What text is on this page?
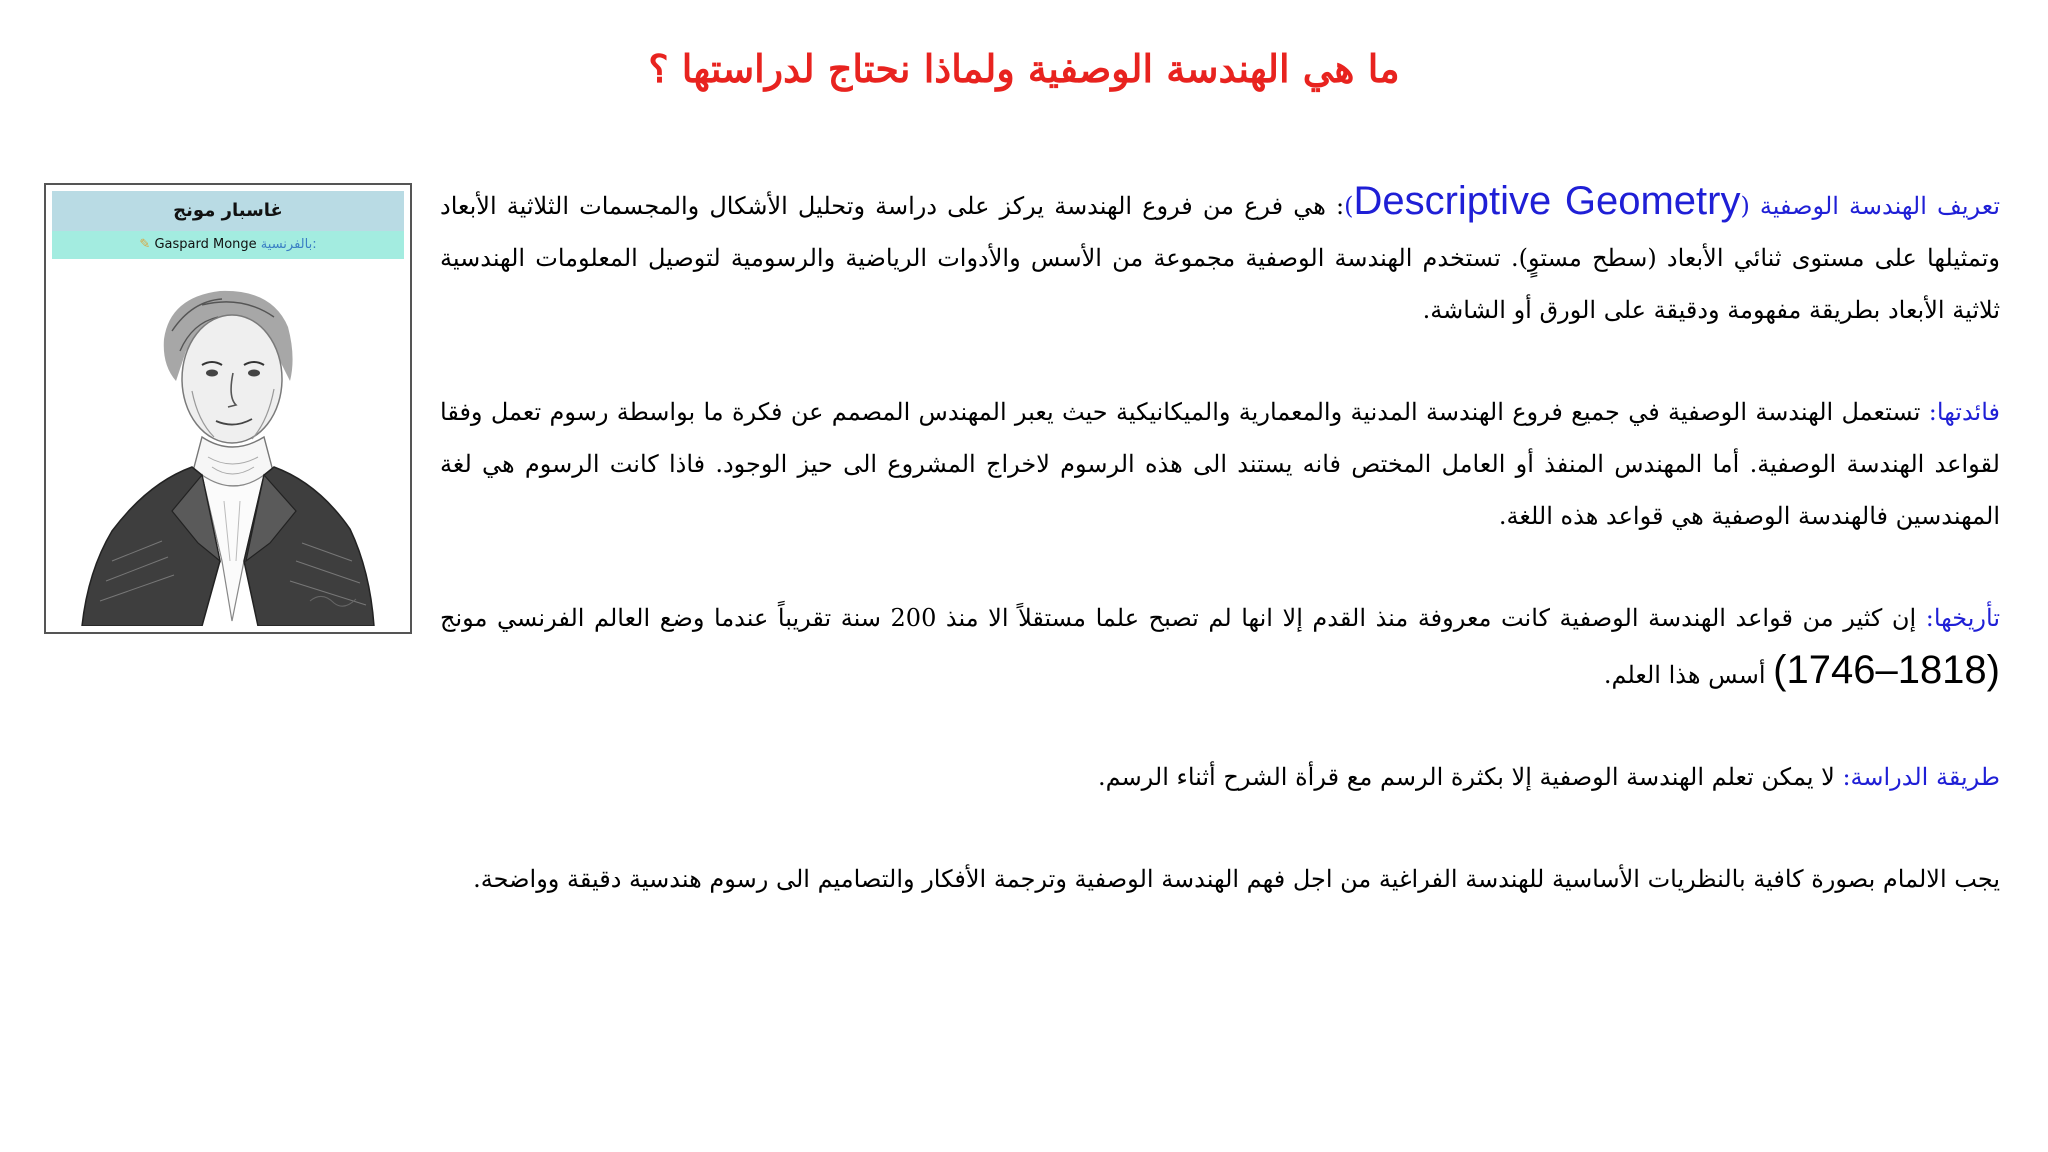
ما هي الهندسة الوصفية ولماذا نحتاج لدراستها ؟
غاسبار مونج
✎ Gaspard Monge بالفرنسية:

تعريف الهندسة الوصفية (Descriptive Geometry): هي فرع من فروع الهندسة يركز على دراسة وتحليل الأشكال والمجسمات الثلاثية الأبعاد وتمثيلها على مستوى ثنائي الأبعاد (سطح مستوٍ). تستخدم الهندسة الوصفية مجموعة من الأسس والأدوات الرياضية والرسومية لتوصيل المعلومات الهندسية ثلاثية الأبعاد بطريقة مفهومة ودقيقة على الورق أو الشاشة.

فائدتها: تستعمل الهندسة الوصفية في جميع فروع الهندسة المدنية والمعمارية والميكانيكية حيث يعبر المهندس المصمم عن فكرة ما بواسطة رسوم تعمل وفقا لقواعد الهندسة الوصفية. أما المهندس المنفذ أو العامل المختص فانه يستند الى هذه الرسوم لاخراج المشروع الى حيز الوجود. فاذا كانت الرسوم هي لغة المهندسين فالهندسة الوصفية هي قواعد هذه اللغة.

تأريخها: إن كثير من قواعد الهندسة الوصفية كانت معروفة منذ القدم إلا انها لم تصبح علما مستقلاً الا منذ 200 سنة تقريباً عندما وضع العالم الفرنسي مونج (1746–1818) أسس هذا العلم.

طريقة الدراسة: لا يمكن تعلم الهندسة الوصفية إلا بكثرة الرسم مع قرأة الشرح أثناء الرسم.

يجب الالمام بصورة كافية بالنظريات الأساسية للهندسة الفراغية من اجل فهم الهندسة الوصفية وترجمة الأفكار والتصاميم الى رسوم هندسية دقيقة وواضحة.
